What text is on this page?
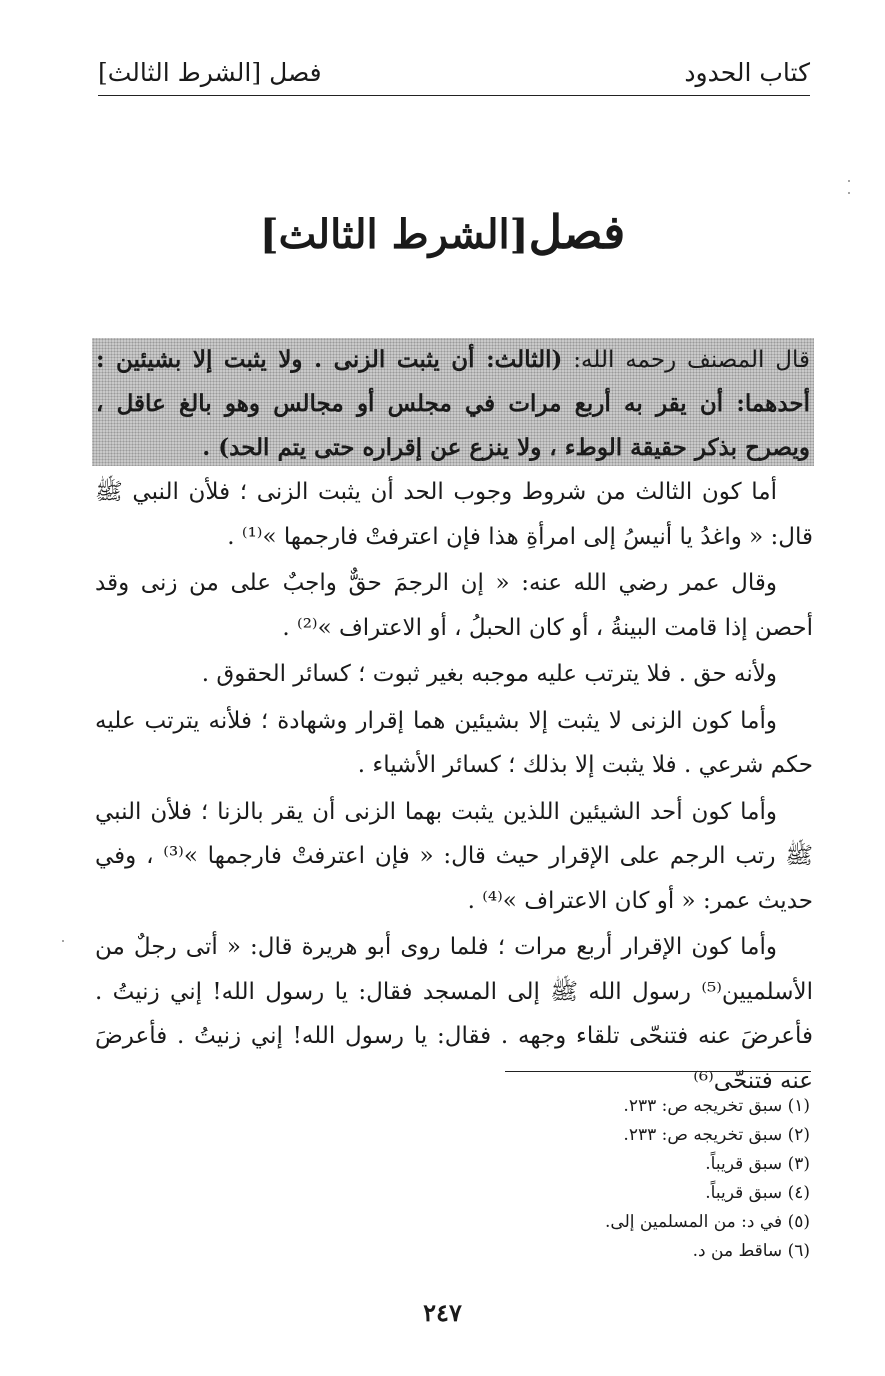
كتاب الحدود
فصل [الشرط الثالث]
فصل[الشرط الثالث]
قال المصنف رحمه الله: (الثالث: أن يثبت الزنى . ولا يثبت إلا بشيئين : أحدهما: أن يقر به أربع مرات في مجلس أو مجالس وهو بالغ عاقل ، ويصرح بذكر حقيقة الوطء ، ولا ينزع عن إقراره حتى يتم الحد) .

أما كون الثالث من شروط وجوب الحد أن يثبت الزنى ؛ فلأن النبي ﷺ قال: « واغدُ يا أنيسُ إلى امرأةِ هذا فإن اعترفتْ فارجمها »⁽¹⁾ .

وقال عمر رضي الله عنه: « إن الرجمَ حقٌّ واجبٌ على من زنى وقد أحصن إذا قامت البينةُ ، أو كان الحبلُ ، أو الاعتراف »⁽²⁾ .

ولأنه حق . فلا يترتب عليه موجبه بغير ثبوت ؛ كسائر الحقوق .

وأما كون الزنى لا يثبت إلا بشيئين هما إقرار وشهادة ؛ فلأنه يترتب عليه حكم شرعي . فلا يثبت إلا بذلك ؛ كسائر الأشياء .

وأما كون أحد الشيئين اللذين يثبت بهما الزنى أن يقر بالزنا ؛ فلأن النبي ﷺ رتب الرجم على الإقرار حيث قال: « فإن اعترفتْ فارجمها »⁽³⁾ ، وفي حديث عمر: « أو كان الاعتراف »⁽⁴⁾ .

وأما كون الإقرار أربع مرات ؛ فلما روى أبو هريرة قال: « أتى رجلٌ من الأسلميين⁽⁵⁾ رسول الله ﷺ إلى المسجد فقال: يا رسول الله! إني زنيتُ . فأعرضَ عنه فتنحّى تلقاء وجهه . فقال: يا رسول الله! إني زنيتُ . فأعرضَ عنه فتنحّى⁽⁶⁾

(١) سبق تخريجه ص: ٢٣٣.
(٢) سبق تخريجه ص: ٢٣٣.
(٣) سبق قريباً.
(٤) سبق قريباً.
(٥) في د: من المسلمين إلى.
(٦) ساقط من د.
٢٤٧
